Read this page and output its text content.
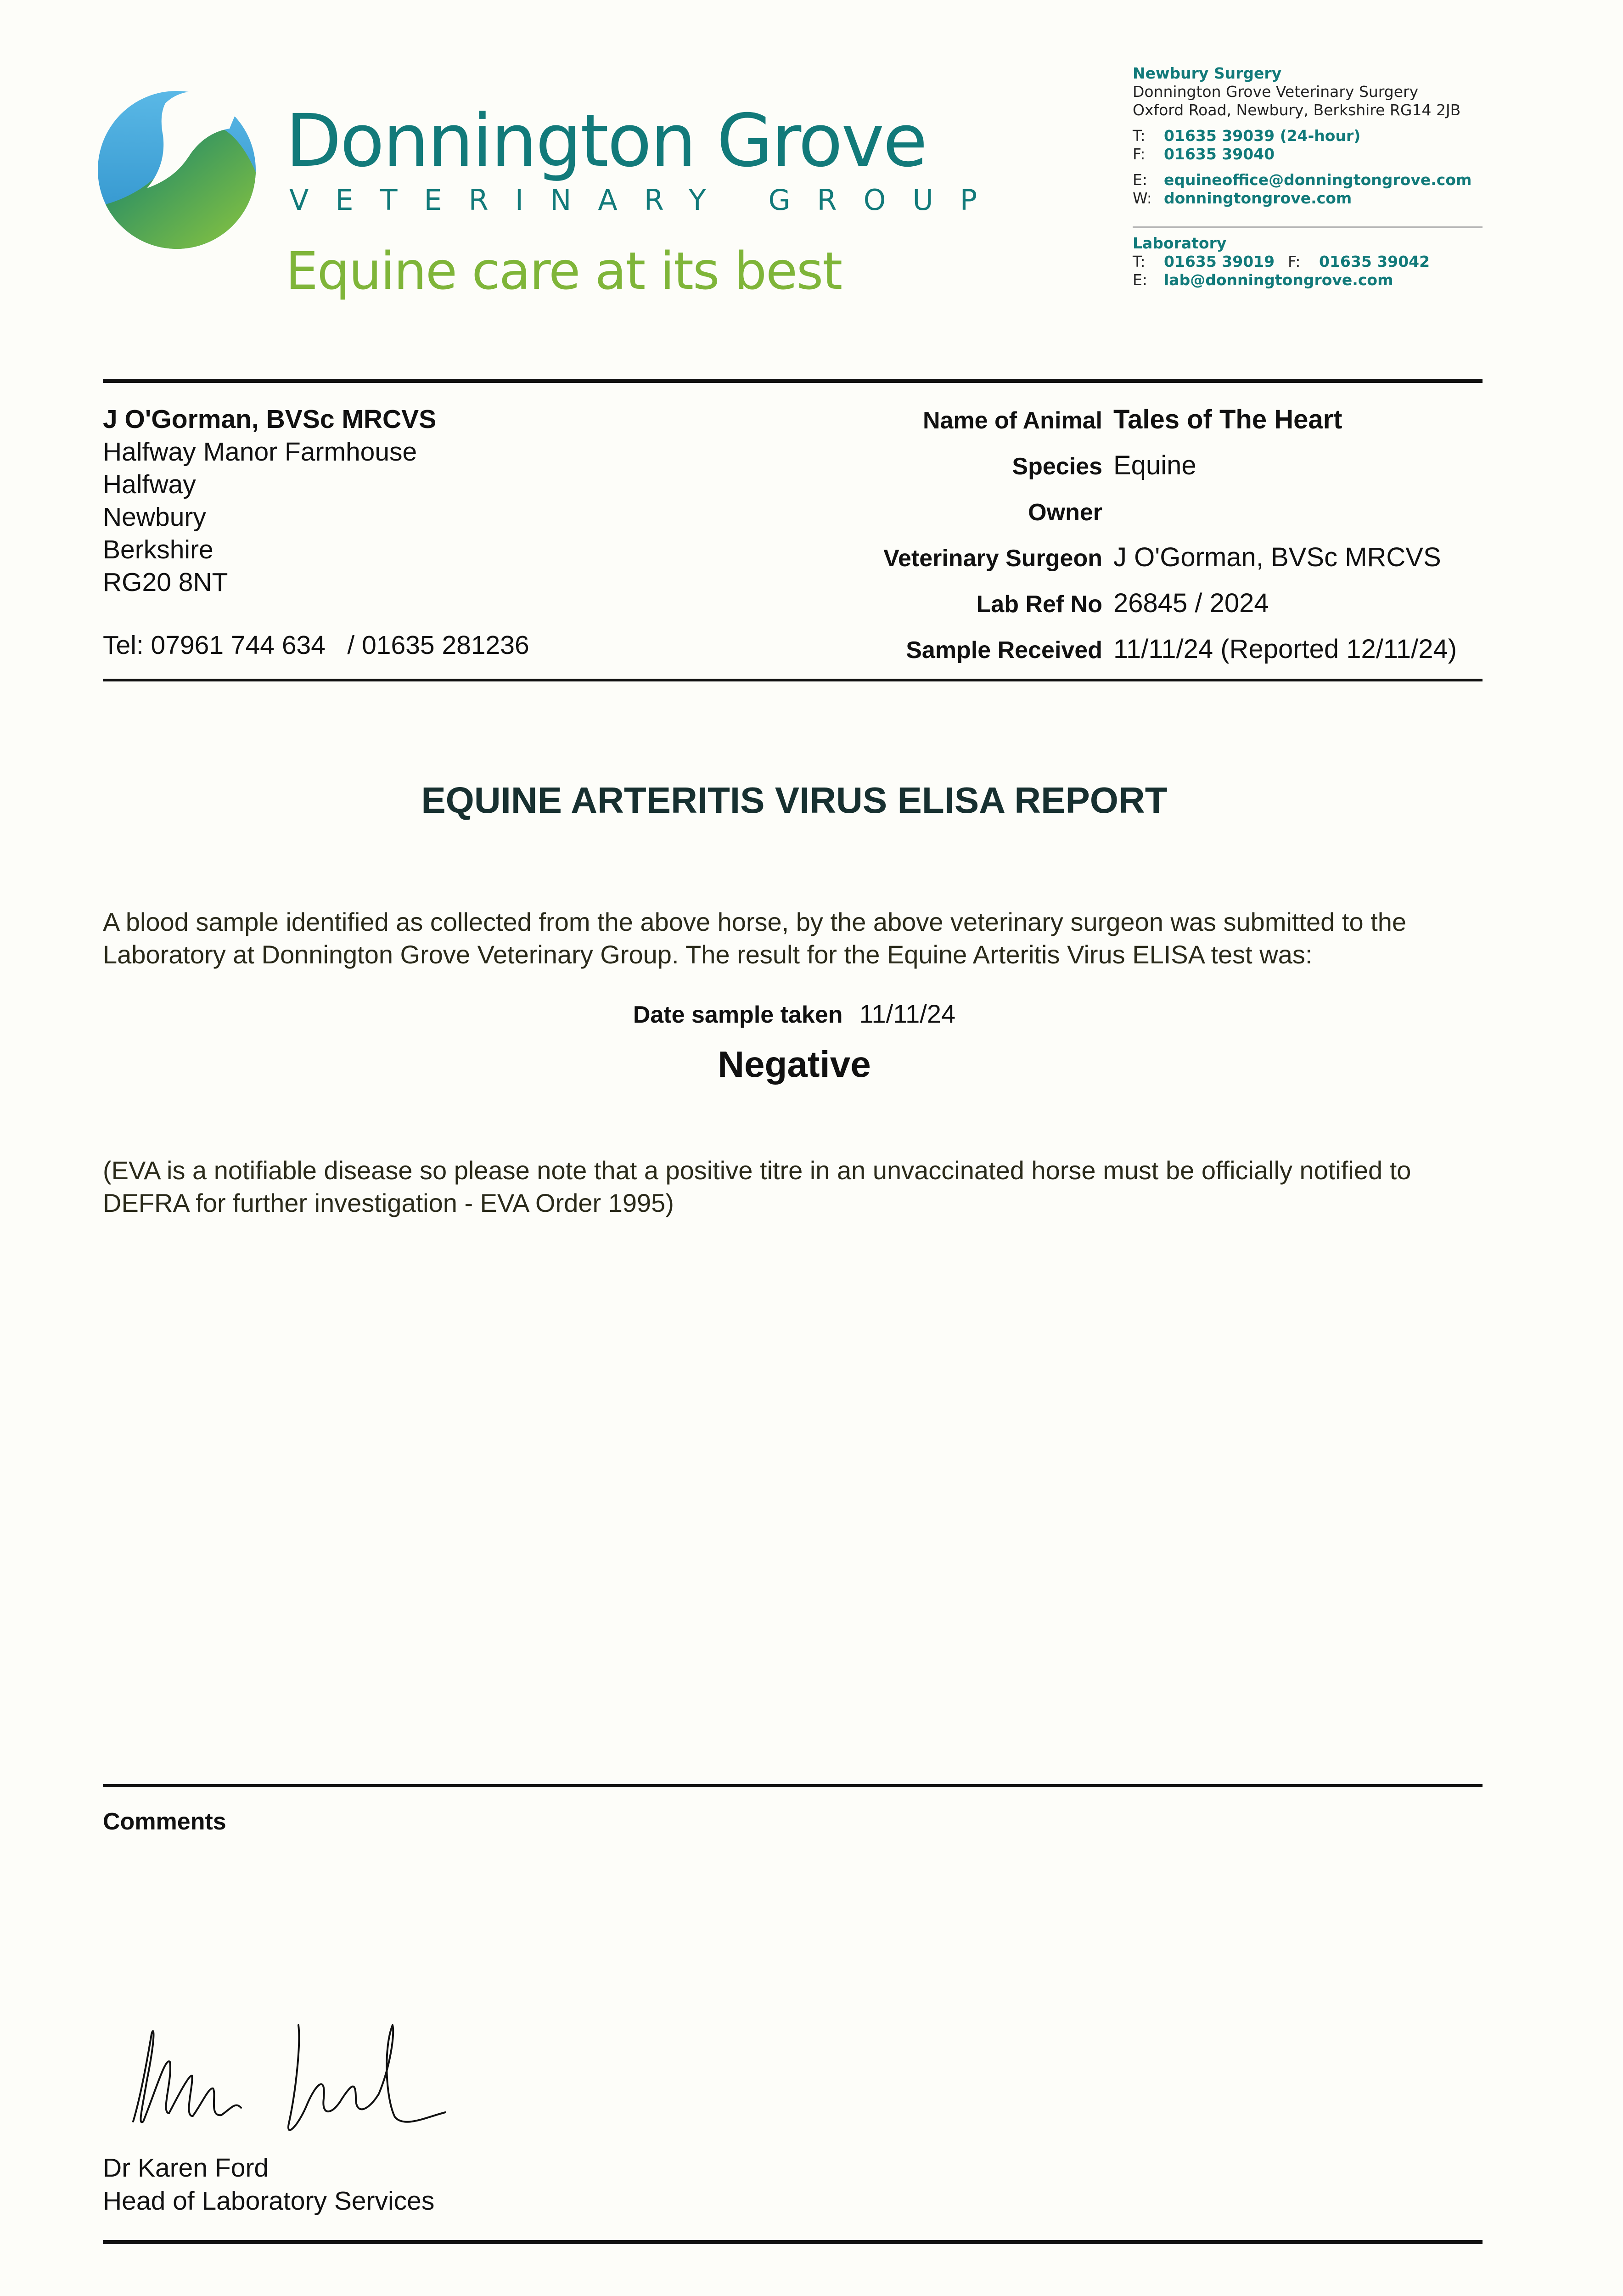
Donnington Grove
VETERINARY GROUP
Equine care at its best
Newbury Surgery
Donnington Grove Veterinary Surgery
Oxford Road, Newbury, Berkshire RG14 2JB
T:	01635 39039 (24-hour)
F:	01635 39040
E:	equineoffice@donningtongrove.com
W: donningtongrove.com
Laboratory
T:	01635 39019 F:	01635 39042
E:	lab@donningtongrove.com
J O'Gorman, BVSc MRCVS
Halfway Manor Farmhouse
Halfway
Newbury
Berkshire
RG20 8NT
Tel: 07961 744 634   / 01635 281236
Name of Animal Tales of The Heart
Species Equine
Owner
Veterinary Surgeon J O'Gorman, BVSc MRCVS
Lab Ref No 26845 / 2024
Sample Received 11/11/24 (Reported 12/11/24)
EQUINE ARTERITIS VIRUS ELISA REPORT
A blood sample identified as collected from the above horse, by the above veterinary surgeon was submitted to the Laboratory at Donnington Grove Veterinary Group. The result for the Equine Arteritis Virus ELISA test was:
Date sample taken 11/11/24
Negative
(EVA is a notifiable disease so please note that a positive titre in an unvaccinated horse must be officially notified to DEFRA for further investigation - EVA Order 1995)
Comments
Dr Karen Ford
Head of Laboratory Services
